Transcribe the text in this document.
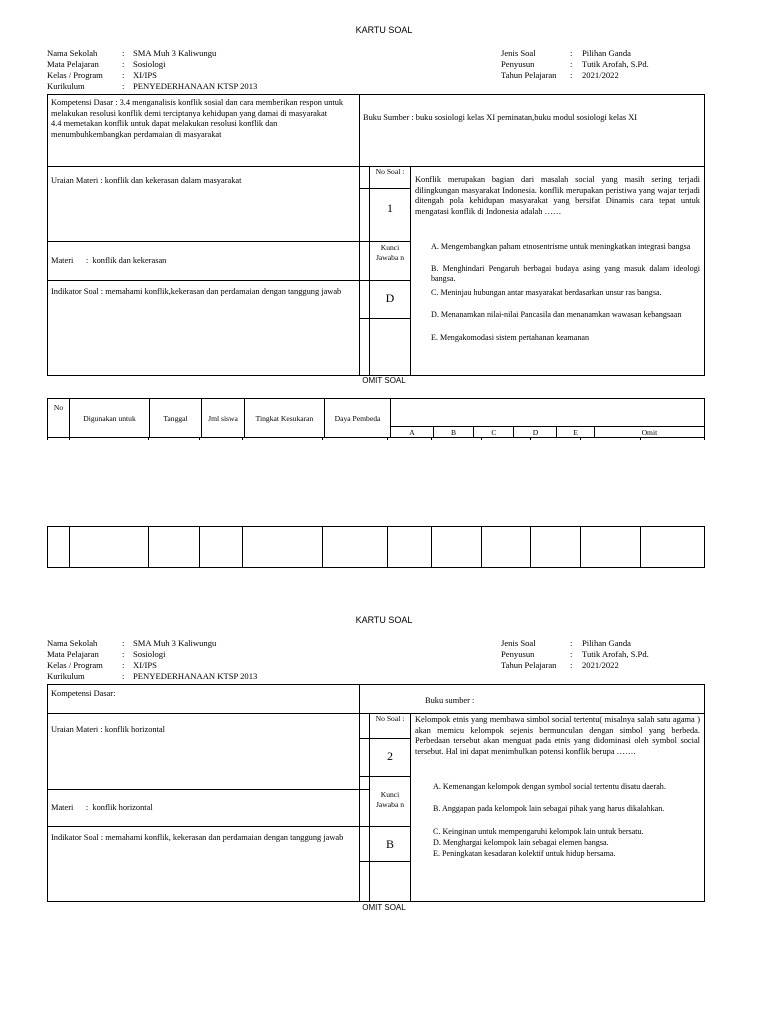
KARTU SOAL
Nama Sekolah	: SMA Muh 3 Kaliwungu
Mata Pelajaran	: Sosiologi
Kelas / Program : XI/IPS
Kurikulum	: PENYEDERHANAAN KTSP 2013
Jenis Soal	: Pilihan Ganda
Penyusun	: Tutik Arofah, S.Pd.
Tahun Pelajaran : 2021/2022
Kompetensi Dasar : 3.4 menganalisis konflik sosial dan cara memberikan respon untuk melakukan resolusi konflik demi terciptanya kehidupan yang damai di masyarakat
4.4 memetakan konflik untuk dapat melakukan resolusi konflik dan menumbuhkembangkan perdamaian di masyarakat
Buku Sumber : buku sosiologi kelas XI peminatan,buku modul sosiologi kelas XI
Uraian Materi : konflik dan kekerasan dalam masyarakat
No Soal :
1
Konflik merupakan bagian dari masalah social yang masih sering terjadi dilingkungan masyarakat Indonesia. konflik merupakan peristiwa yang wajar terjadi ditengah pola kehidupan masyarakat yang bersifat Dinamis cara tepat untuk mengatasi konflik di Indonesia adalah ……
Materi      :  konflik dan kekerasan
Kunci Jawaba n
D
Indikator Soal : memahami konflik,kekerasan dan perdamaian dengan tanggung jawab
A. Mengembangkan paham etnosentrisme untuk meningkatkan integrasi bangsa
B. Menghindari Pengaruh berbagai budaya asing yang masuk dalam ideologi bangsa.
C. Meninjau hubungan antar masyarakat berdasarkan unsur ras bangsa.
D. Menanamkan nilai-nilai Pancasila dan menanamkan wawasan kebangsaan
E. Mengakomodasi sistem pertahanan keamanan
OMIT SOAL
No	Digunakan untuk	Tanggal	Jml siswa	Tingkat Kesukaran	Daya Pembeda						
						A	B	C	D	E	Omit
KARTU SOAL
Nama Sekolah	: SMA Muh 3 Kaliwungu
Mata Pelajaran	: Sosiologi
Kelas / Program : XI/IPS
Kurikulum	: PENYEDERHANAAN KTSP 2013
Jenis Soal	: Pilihan Ganda
Penyusun	: Tutik Arofah, S.Pd.
Tahun Pelajaran : 2021/2022
Kompetensi Dasar:
Buku sumber :
Uraian Materi : konflik horizontal
No Soal :
2
Kelompok etnis yang membawa simbol social tertentu( misalnya salah satu agama ) akan memicu kelompok sejenis bermunculan dengan simbol yang berbeda. Perbedaan tersebut akan menguat pada etnis yang didominasi oleh symbol social tersebut. Hal ini dapat menimbulkan potensi konflik berupa …….
Materi      :  konflik horizontal
Kunci Jawaba n
B
Indikator Soal : memahami konflik, kekerasan dan perdamaian dengan tanggung jawab
A. Kemenangan kelompok dengan symbol social tertentu disatu daerah.
B. Anggapan pada kelompok lain sebagai pihak yang harus dikalahkan.
C. Keinginan untuk mempengaruhi kelompok lain untuk bersatu.
D. Menghargai kelompok lain sebagai elemen bangsa.
E. Peningkatan kesadaran kolektif untuk hidup bersama.
OMIT SOAL
